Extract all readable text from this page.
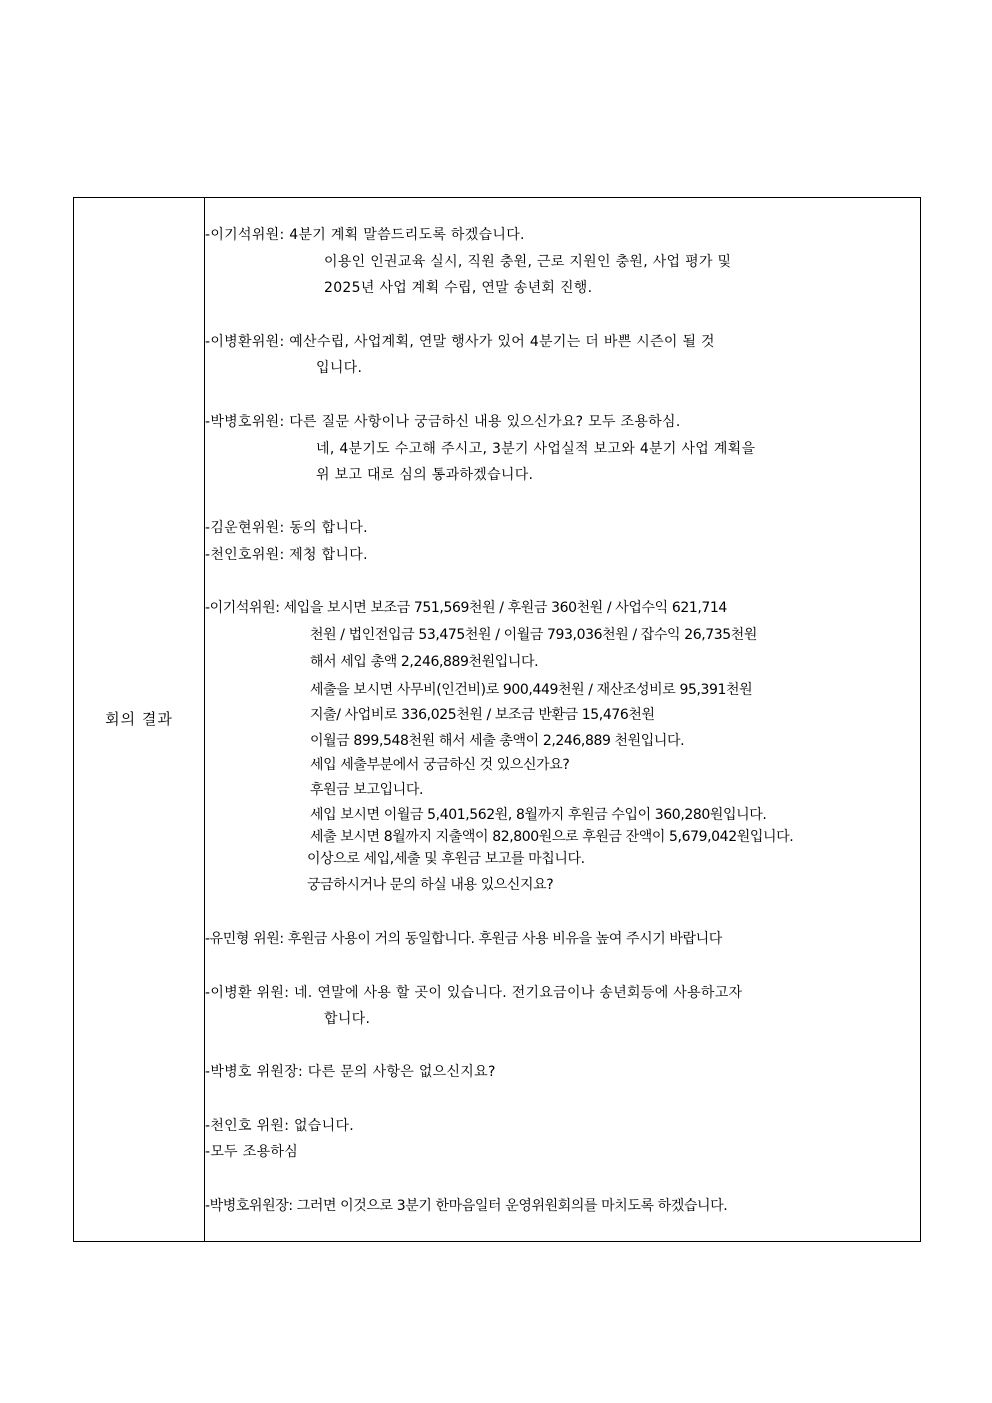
회의 결과
-이기석위원: 4분기 계획 말씀드리도록 하겠습니다.
이용인 인권교육 실시, 직원 충원, 근로 지원인 충원, 사업 평가 및
2025년 사업 계획 수립, 연말 송년회 진행.
-이병환위원: 예산수립, 사업계획, 연말 행사가 있어 4분기는 더 바쁜 시즌이 될 것
입니다.
-박병호위원: 다른 질문 사항이나 궁금하신 내용 있으신가요? 모두 조용하심.
네, 4분기도 수고해 주시고, 3분기 사업실적 보고와 4분기 사업 계획을
위 보고 대로 심의 통과하겠습니다.
-김운현위원: 동의 합니다.
-천인호위원: 제청 합니다.
-이기석위원: 세입을 보시면 보조금 751,569천원 / 후원금 360천원 / 사업수익 621,714
천원 / 법인전입금 53,475천원 / 이월금 793,036천원 / 잡수익 26,735천원
해서 세입 총액 2,246,889천원입니다.
세출을 보시면 사무비(인건비)로 900,449천원 / 재산조성비로 95,391천원
지출/ 사업비로 336,025천원 / 보조금 반환금 15,476천원
이월금 899,548천원 해서 세출 총액이 2,246,889 천원입니다.
세입 세출부분에서 궁금하신 것 있으신가요?
후원금 보고입니다.
세입 보시면 이월금 5,401,562원, 8월까지 후원금 수입이 360,280원입니다.
세출 보시면 8월까지 지출액이 82,800원으로 후원금 잔액이 5,679,042원입니다.
이상으로 세입,세출 및 후원금 보고를 마칩니다.
궁금하시거나 문의 하실 내용 있으신지요?
-유민형 위원: 후원금 사용이 거의 동일합니다. 후원금 사용 비유을 높여 주시기 바랍니다
-이병환 위원: 네. 연말에 사용 할 곳이 있습니다. 전기요금이나 송년회등에 사용하고자
합니다.
-박병호 위원장: 다른 문의 사항은 없으신지요?
-천인호 위원: 없습니다.
-모두 조용하심
-박병호위원장: 그러면 이것으로 3분기 한마음일터 운영위원회의를 마치도록 하겠습니다.
